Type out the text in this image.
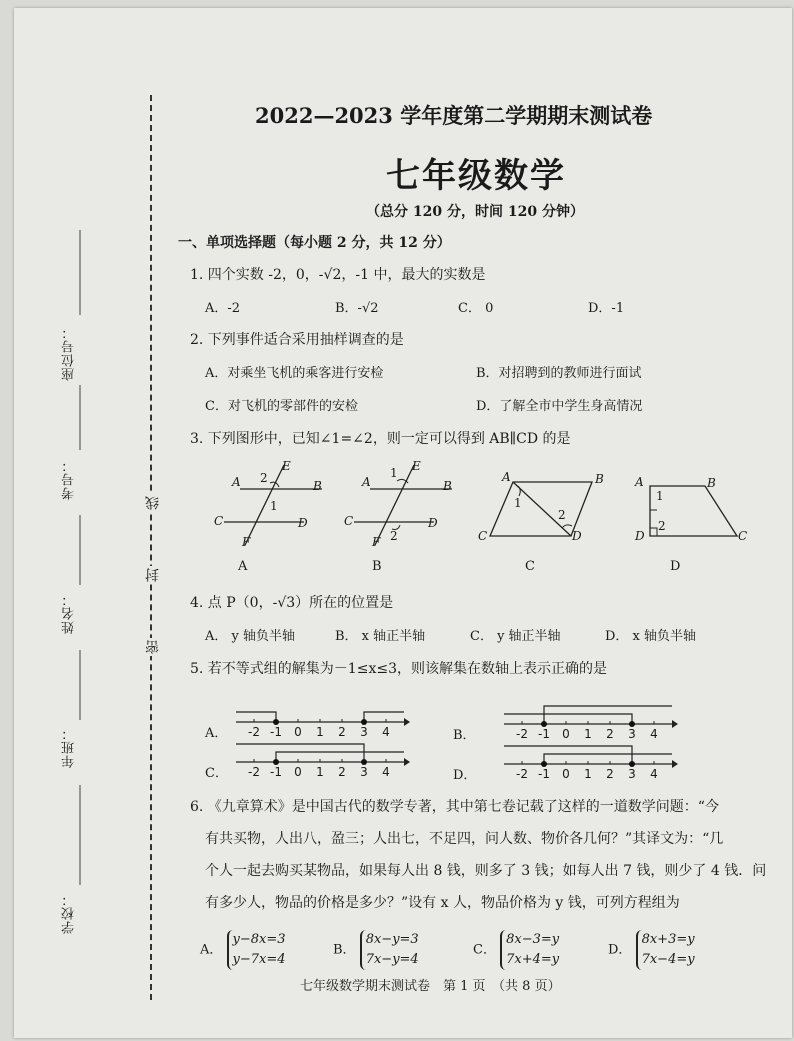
座位号：
考号：
姓名：
年班：
学校：
线
封
密
2022—2023 学年度第二学期期末测试卷
七年级数学
（总分 120 分，时间 120 分钟）
一、单项选择题（每小题 2 分，共 12 分）
1. 四个实数 -2，0，-√2，-1 中，最大的实数是
A．-2	B．-√2	C． 0	D．-1
2. 下列事件适合采用抽样调查的是
A．对乘坐飞机的乘客进行安检	B．对招聘到的教师进行面试
C．对飞机的零部件的安检	D．了解全市中学生身高情况
3. 下列图形中，已知∠1=∠2，则一定可以得到 AB∥CD 的是
A	B
C	D
E
F
2
1
A	B
C	D
E
F
1
2
A	B
C	D
1
2
A	B
D	C
1
2
A	B	C	D
4. 点 P（0，-√3）所在的位置是
A． y 轴负半轴	B． x 轴正半轴	C． y 轴正半轴	D． x 轴负半轴
5. 若不等式组的解集为－1≤x≤3，则该解集在数轴上表示正确的是
A．	B．
C．	D．
-2 -1 0 1 2 3 4	-2 -1 0 1 2 3 4
-2 -1 0 1 2 3 4	-2 -1 0 1 2 3 4
6. 《九章算术》是中国古代的数学专著，其中第七卷记载了这样的一道数学问题：“今
有共买物，人出八，盈三；人出七，不足四，问人数、物价各几何？”其译文为：“几
个人一起去购买某物品，如果每人出 8 钱，则多了 3 钱；如每人出 7 钱，则少了 4 钱．问
有多少人，物品的价格是多少？”设有 x 人，物品价格为 y 钱，可列方程组为
A． y−8x=3
y−7x=4
B． 8x−y=3
7x−y=4
C． 8x−3=y
7x+4=y
D． 8x+3=y
7x−4=y
七年级数学期末测试卷　第 1 页　（共 8 页）
